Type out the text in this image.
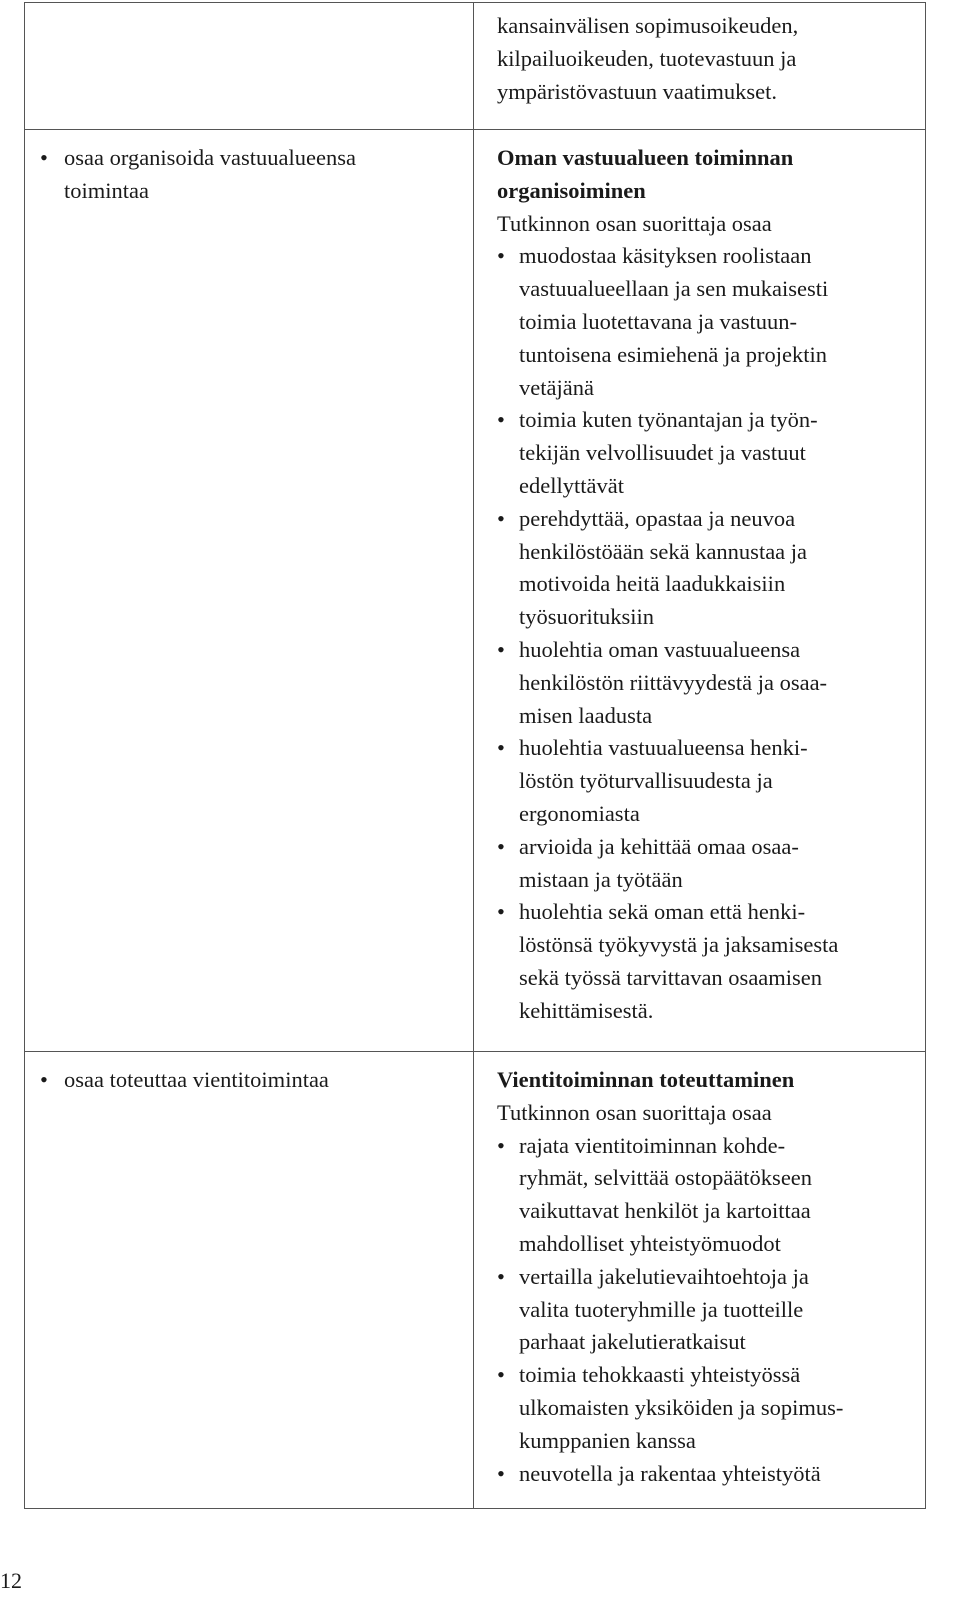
kansainvälisen sopimusoikeuden,
kilpailuoikeuden, tuotevastuun ja
ympäristövastuun vaatimukset.
• osaa organisoida vastuualueensa
toimintaa
Oman vastuualueen toiminnan
organisoiminen
Tutkinnon osan suorittaja osaa
• muodostaa käsityksen roolistaan
vastuualueellaan ja sen mukaisesti
toimia luotettavana ja vastuun-
tuntoisena esimiehenä ja projektin
vetäjänä
• toimia kuten työnantajan ja työn-
tekijän velvollisuudet ja vastuut
edellyttävät
• perehdyttää, opastaa ja neuvoa
henkilöstöään sekä kannustaa ja
motivoida heitä laadukkaisiin
työsuorituksiin
• huolehtia oman vastuualueensa
henkilöstön riittävyydestä ja osaa-
misen laadusta
• huolehtia vastuualueensa henki-
löstön työturvallisuudesta ja
ergonomiasta
• arvioida ja kehittää omaa osaa-
mistaan ja työtään
• huolehtia sekä oman että henki-
löstönsä työkyvystä ja jaksamisesta
sekä työssä tarvittavan osaamisen
kehittämisestä.
• osaa toteuttaa vientitoimintaa	Vientitoiminnan toteuttaminen
Tutkinnon osan suorittaja osaa
• rajata vientitoiminnan kohde-
ryhmät, selvittää ostopäätökseen
vaikuttavat henkilöt ja kartoittaa
mahdolliset yhteistyömuodot
• vertailla jakelutievaihtoehtoja ja
valita tuoteryhmille ja tuotteille
parhaat jakelutieratkaisut
• toimia tehokkaasti yhteistyössä
ulkomaisten yksiköiden ja sopimus-
kumppanien kanssa
• neuvotella ja rakentaa yhteistyötä
12
